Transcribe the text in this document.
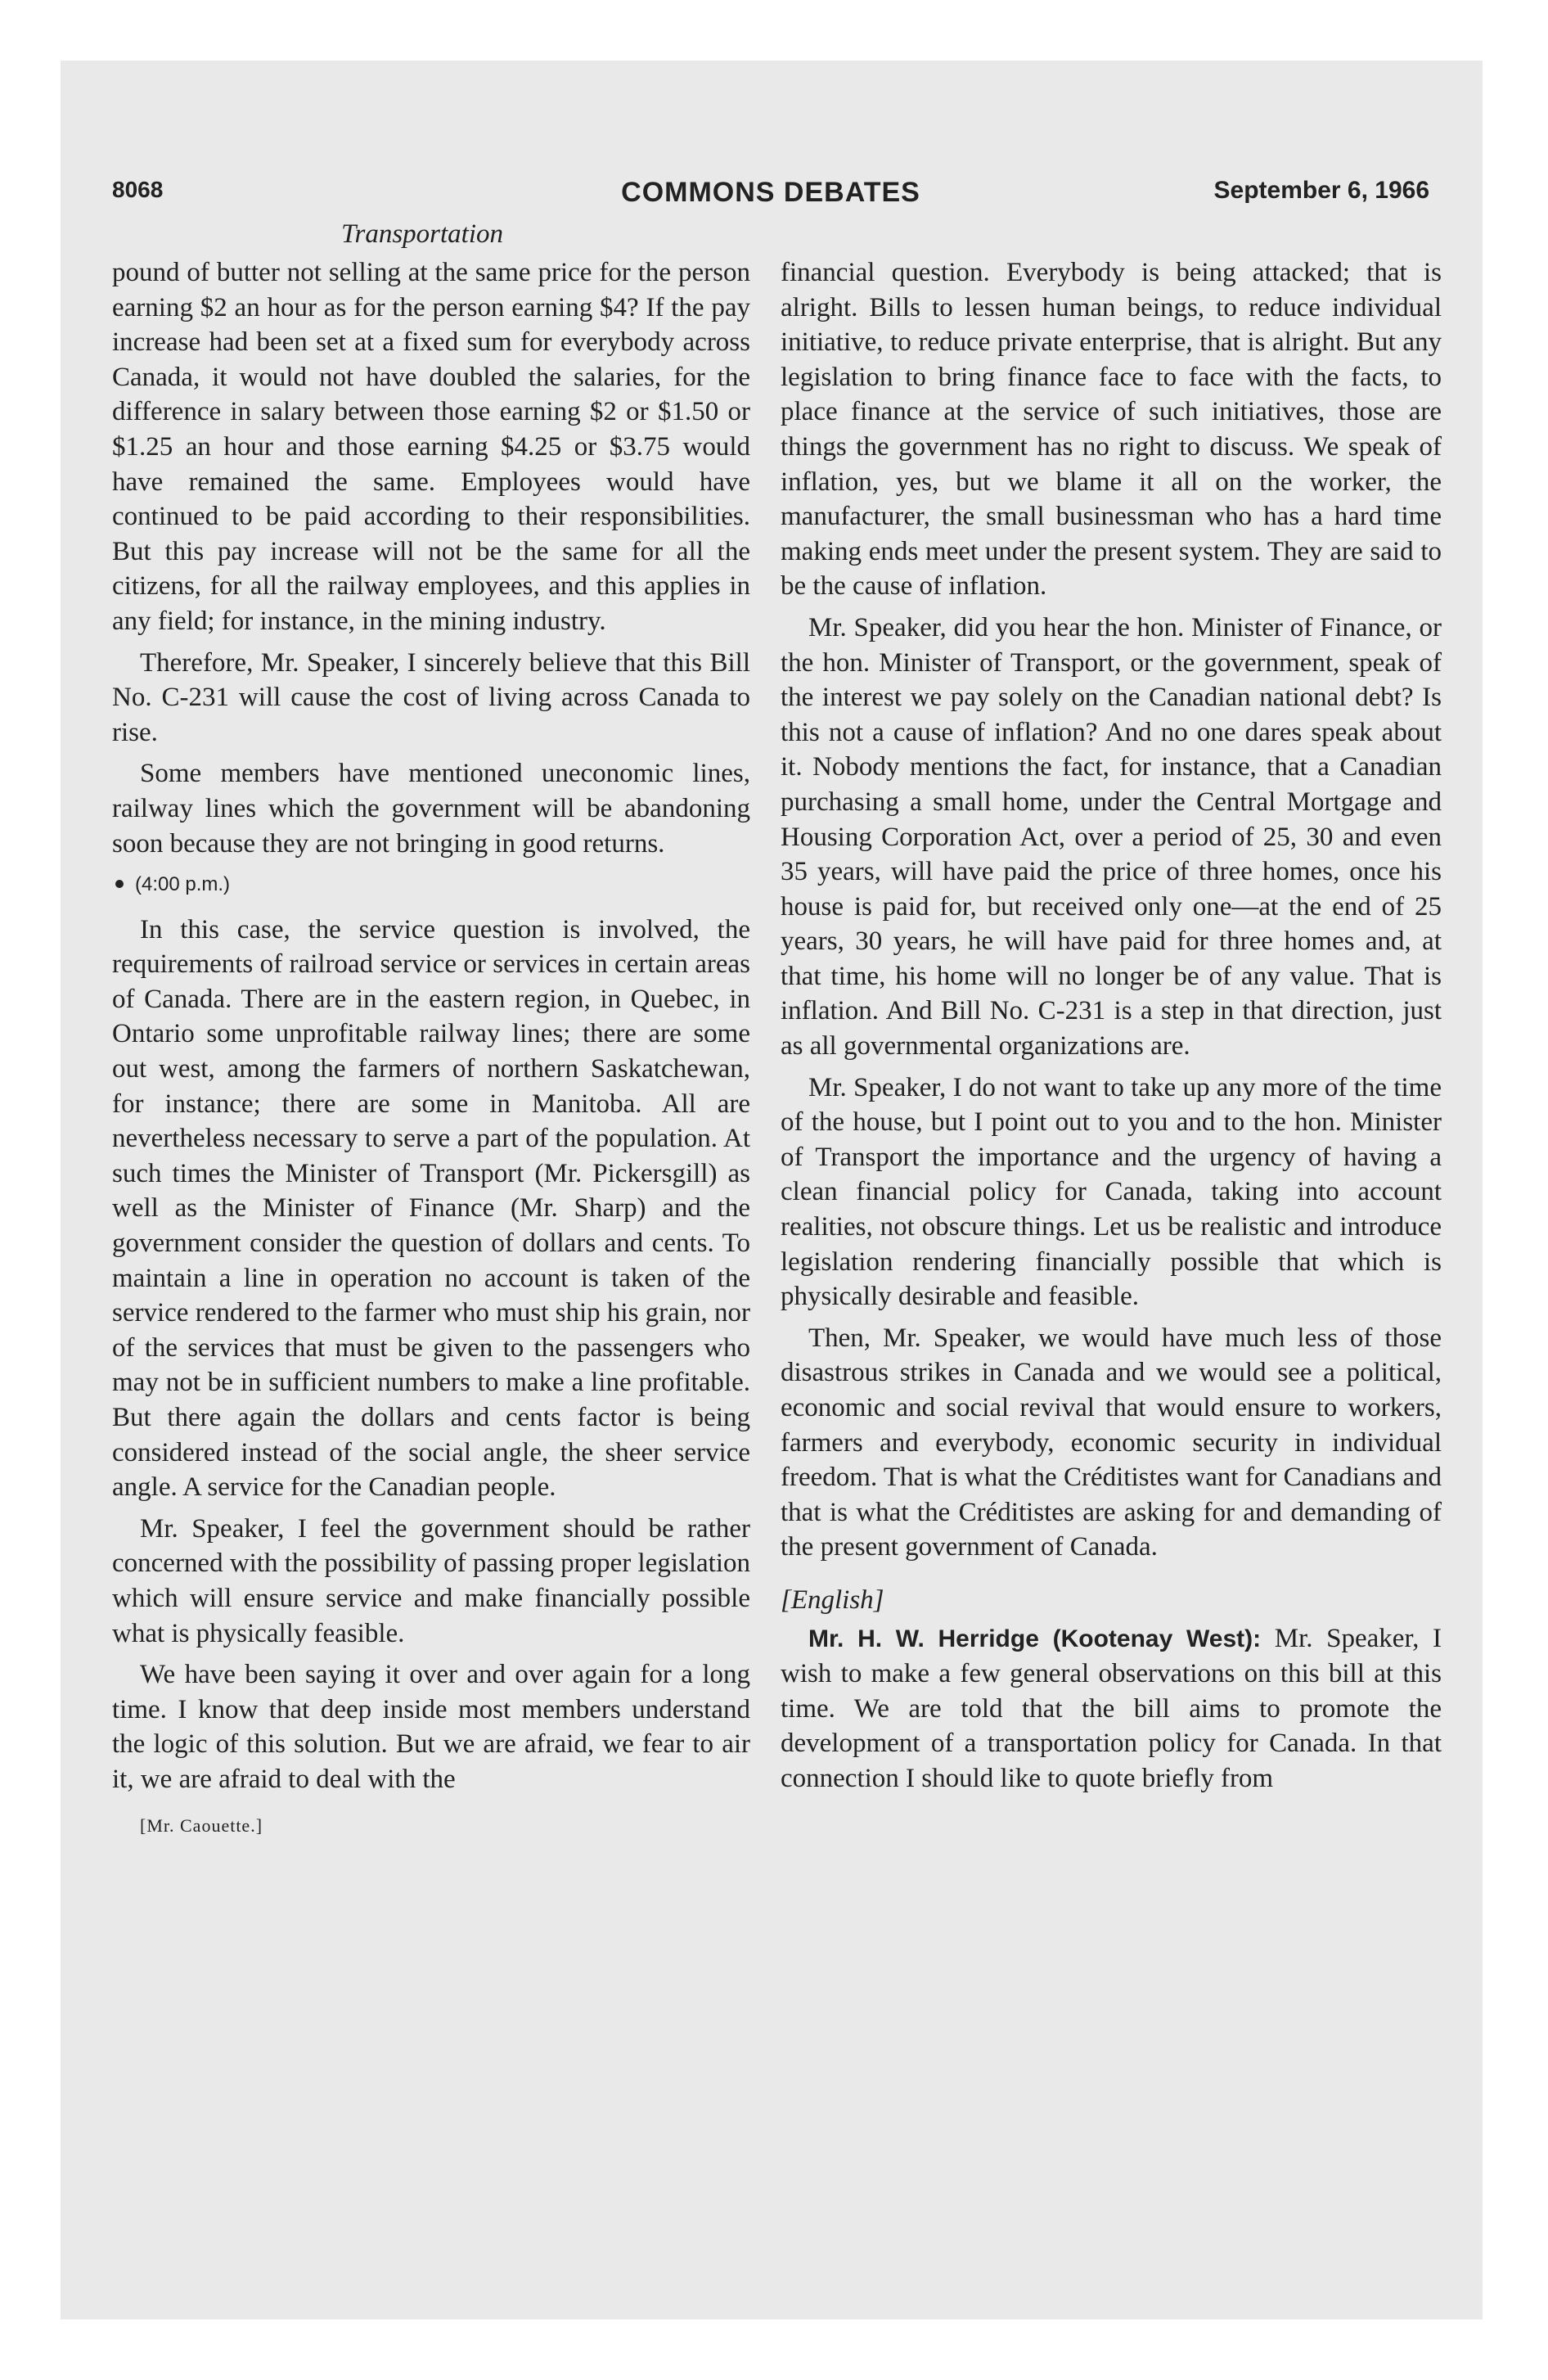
8068	COMMONS DEBATES	September 6, 1966
Transportation

pound of butter not selling at the same price for the person earning $2 an hour as for the person earning $4? If the pay increase had been set at a fixed sum for everybody across Canada, it would not have doubled the salaries, for the difference in salary between those earning $2 or $1.50 or $1.25 an hour and those earning $4.25 or $3.75 would have remained the same. Employees would have continued to be paid according to their responsibilities. But this pay increase will not be the same for all the citizens, for all the railway employees, and this applies in any field; for instance, in the mining industry.

Therefore, Mr. Speaker, I sincerely believe that this Bill No. C-231 will cause the cost of living across Canada to rise.

Some members have mentioned uneconomic lines, railway lines which the government will be abandoning soon because they are not bringing in good returns.

(4:00 p.m.)

In this case, the service question is involved, the requirements of railroad service or services in certain areas of Canada. There are in the eastern region, in Quebec, in Ontario some unprofitable railway lines; there are some out west, among the farmers of northern Saskatchewan, for instance; there are some in Manitoba. All are nevertheless necessary to serve a part of the population. At such times the Minister of Transport (Mr. Pickersgill) as well as the Minister of Finance (Mr. Sharp) and the government consider the question of dollars and cents. To maintain a line in operation no account is taken of the service rendered to the farmer who must ship his grain, nor of the services that must be given to the passengers who may not be in sufficient numbers to make a line profitable. But there again the dollars and cents factor is being considered instead of the social angle, the sheer service angle. A service for the Canadian people.

Mr. Speaker, I feel the government should be rather concerned with the possibility of passing proper legislation which will ensure service and make financially possible what is physically feasible.

We have been saying it over and over again for a long time. I know that deep inside most members understand the logic of this solution. But we are afraid, we fear to air it, we are afraid to deal with the

[Mr. Caouette.]

financial question. Everybody is being attacked; that is alright. Bills to lessen human beings, to reduce individual initiative, to reduce private enterprise, that is alright. But any legislation to bring finance face to face with the facts, to place finance at the service of such initiatives, those are things the government has no right to discuss. We speak of inflation, yes, but we blame it all on the worker, the manufacturer, the small businessman who has a hard time making ends meet under the present system. They are said to be the cause of inflation.

Mr. Speaker, did you hear the hon. Minister of Finance, or the hon. Minister of Transport, or the government, speak of the interest we pay solely on the Canadian national debt? Is this not a cause of inflation? And no one dares speak about it. Nobody mentions the fact, for instance, that a Canadian purchasing a small home, under the Central Mortgage and Housing Corporation Act, over a period of 25, 30 and even 35 years, will have paid the price of three homes, once his house is paid for, but received only one—at the end of 25 years, 30 years, he will have paid for three homes and, at that time, his home will no longer be of any value. That is inflation. And Bill No. C-231 is a step in that direction, just as all governmental organizations are.

Mr. Speaker, I do not want to take up any more of the time of the house, but I point out to you and to the hon. Minister of Transport the importance and the urgency of having a clean financial policy for Canada, taking into account realities, not obscure things. Let us be realistic and introduce legislation rendering financially possible that which is physically desirable and feasible.

Then, Mr. Speaker, we would have much less of those disastrous strikes in Canada and we would see a political, economic and social revival that would ensure to workers, farmers and everybody, economic security in individual freedom. That is what the Créditistes want for Canadians and that is what the Créditistes are asking for and demanding of the present government of Canada.

[English]

Mr. H. W. Herridge (Kootenay West): Mr. Speaker, I wish to make a few general observations on this bill at this time. We are told that the bill aims to promote the development of a transportation policy for Canada. In that connection I should like to quote briefly from
